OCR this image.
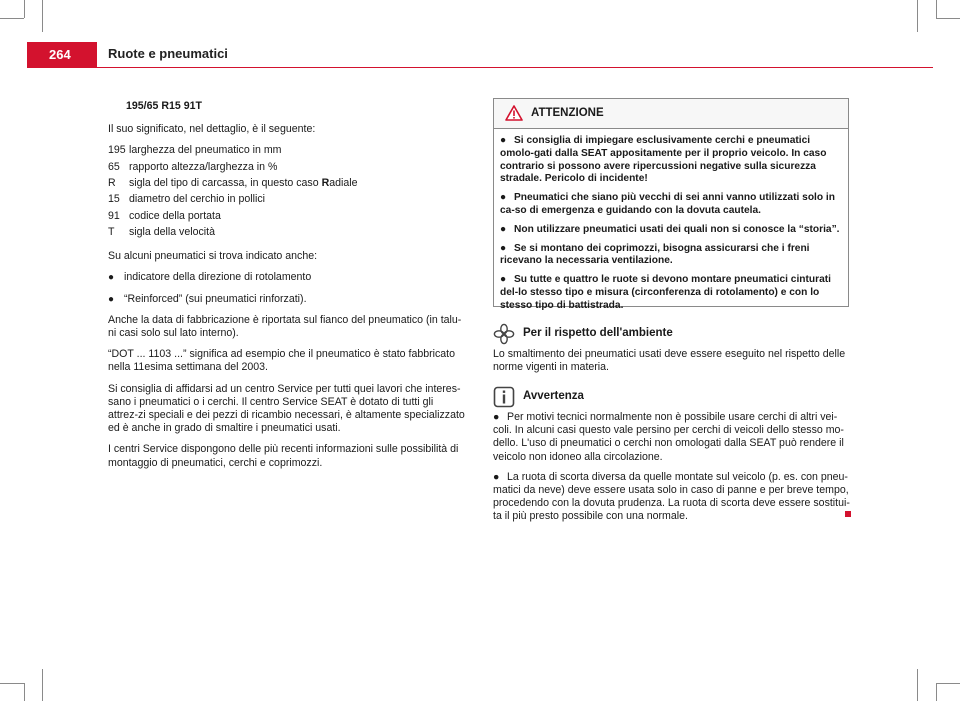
264	Ruote e pneumatici

195/65 R15 91T

Il suo significato, nel dettaglio, è il seguente:

195 larghezza del pneumatico in mm
65 rapporto altezza/larghezza in %
R	sigla del tipo di carcassa, in questo caso Radiale
15 diametro del cerchio in pollici
91 codice della portata
T	sigla della velocità

Su alcuni pneumatici si trova indicato anche:

● indicatore della direzione di rotolamento
● “Reinforced” (sui pneumatici rinforzati).

Anche la data di fabbricazione è riportata sul fianco del pneumatico (in talu-ni casi solo sul lato interno).

“DOT ... 1103 ...” significa ad esempio che il pneumatico è stato fabbricato nella 11esima settimana del 2003.

Si consiglia di affidarsi ad un centro Service per tutti quei lavori che interes-sano i pneumatici o i cerchi. Il centro Service SEAT è dotato di tutti gli attrez-zi speciali e dei pezzi di ricambio necessari, è altamente specializzato ed è anche in grado di smaltire i pneumatici usati.

I centri Service dispongono delle più recenti informazioni sulle possibilità di montaggio di pneumatici, cerchi e coprimozzi.

ATTENZIONE

● Si consiglia di impiegare esclusivamente cerchi e pneumatici omolo-gati dalla SEAT appositamente per il proprio veicolo. In caso contrario si possono avere ripercussioni negative sulla sicurezza stradale. Pericolo di incidente!

● Pneumatici che siano più vecchi di sei anni vanno utilizzati solo in ca-so di emergenza e guidando con la dovuta cautela.

● Non utilizzare pneumatici usati dei quali non si conosce la “storia”.

● Se si montano dei coprimozzi, bisogna assicurarsi che i freni ricevano la necessaria ventilazione.

● Su tutte e quattro le ruote si devono montare pneumatici cinturati del-lo stesso tipo e misura (circonferenza di rotolamento) e con lo stesso tipo di battistrada.

Per il rispetto dell'ambiente

Lo smaltimento dei pneumatici usati deve essere eseguito nel rispetto delle norme vigenti in materia.

Avvertenza

● Per motivi tecnici normalmente non è possibile usare cerchi di altri vei-coli. In alcuni casi questo vale persino per cerchi di veicoli dello stesso mo-dello. L'uso di pneumatici o cerchi non omologati dalla SEAT può rendere il veicolo non idoneo alla circolazione.

● La ruota di scorta diversa da quelle montate sul veicolo (p. es. con pneu-matici da neve) deve essere usata solo in caso di panne e per breve tempo, procedendo con la dovuta prudenza. La ruota di scorta deve essere sostitui-ta il più presto possibile con una normale.
